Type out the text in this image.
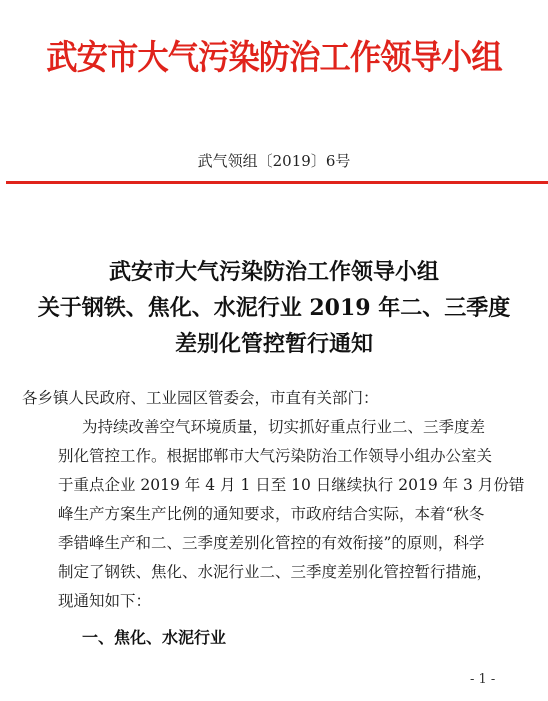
武安市大气污染防治工作领导小组
武气领组〔2019〕6号
武安市大气污染防治工作领导小组
关于钢铁、焦化、水泥行业 2019 年二、三季度
差别化管控暂行通知
各乡镇人民政府、工业园区管委会，市直有关部门：
为持续改善空气环境质量，切实抓好重点行业二、三季度差
别化管控工作。根据邯郸市大气污染防治工作领导小组办公室关
于重点企业 2019 年 4 月 1 日至 10 日继续执行 2019 年 3 月份错
峰生产方案生产比例的通知要求，市政府结合实际，本着“秋冬
季错峰生产和二、三季度差别化管控的有效衔接”的原则，科学
制定了钢铁、焦化、水泥行业二、三季度差别化管控暂行措施，
现通知如下：
一、焦化、水泥行业
- 1 -
